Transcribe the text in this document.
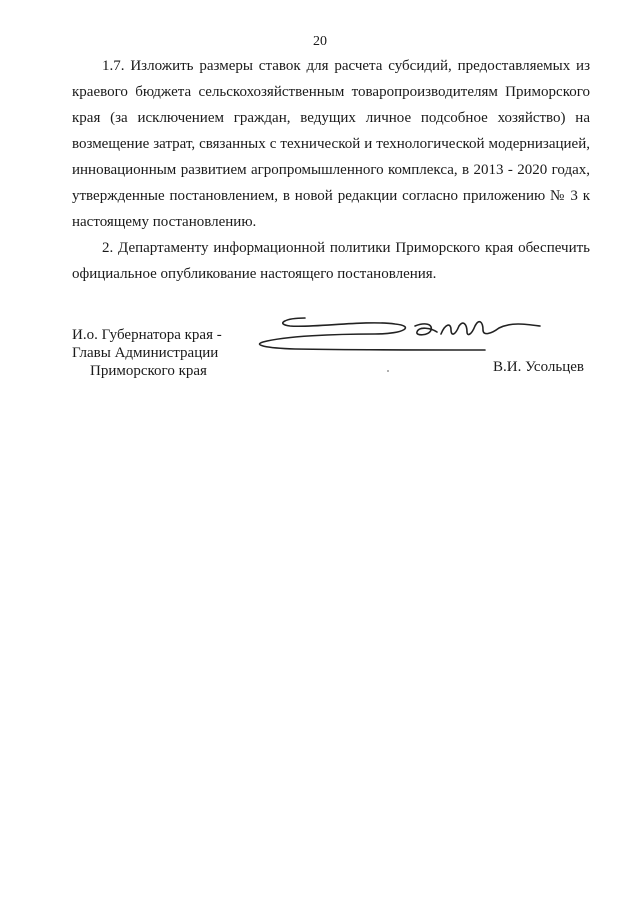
20

1.7. Изложить размеры ставок для расчета субсидий, предоставляемых из краевого бюджета сельскохозяйственным товаропроизводителям Приморского края (за исключением граждан, ведущих личное подсобное хозяйство) на возмещение затрат, связанных с технической и технологической модернизацией, инновационным развитием агропромышленного комплекса, в 2013 - 2020 годах, утвержденные постановлением, в новой редакции согласно приложению № 3 к настоящему постановлению.

2. Департаменту информационной политики Приморского края обеспечить официальное опубликование настоящего постановления.

И.о. Губернатора края -
Главы Администрации
Приморского края	В.И. Усольцев
